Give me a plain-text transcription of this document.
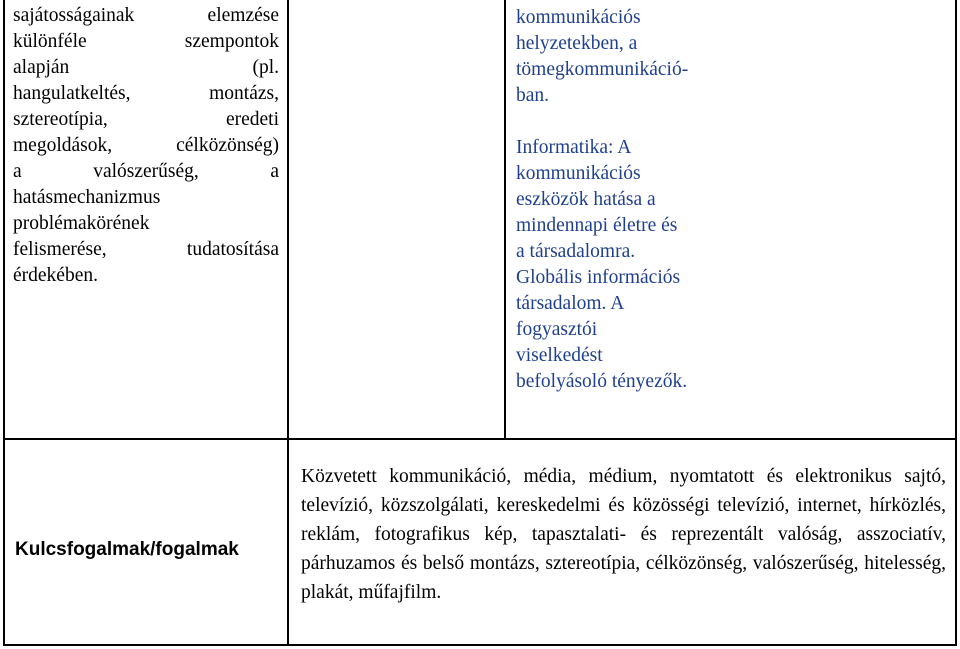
sajátosságainak elemzése
különféle szempontok
alapján (pl.
hangulatkeltés, montázs,
sztereotípia, eredeti
megoldások, célközönség)
a valószerűség, a
hatásmechanizmus
problémakörének
felismerése, tudatosítása
érdekében.
kommunikációs
helyzetekben, a
tömegkommunikáció-
ban.
Informatika: A
kommunikációs
eszközök hatása a
mindennapi életre és
a társadalomra.
Globális információs
társadalom. A
fogyasztói
viselkedést
befolyásoló tényezők.
Kulcsfogalmak/fogalmak
Közvetett kommunikáció, média, médium, nyomtatott és elektronikus sajtó, televízió, közszolgálati, kereskedelmi és közösségi televízió, internet, hírközlés, reklám, fotografikus kép, tapasztalati- és reprezentált valóság, asszociatív, párhuzamos és belső montázs, sztereotípia, célközönség, valószerűség, hitelesség, plakát, műfajfilm.
